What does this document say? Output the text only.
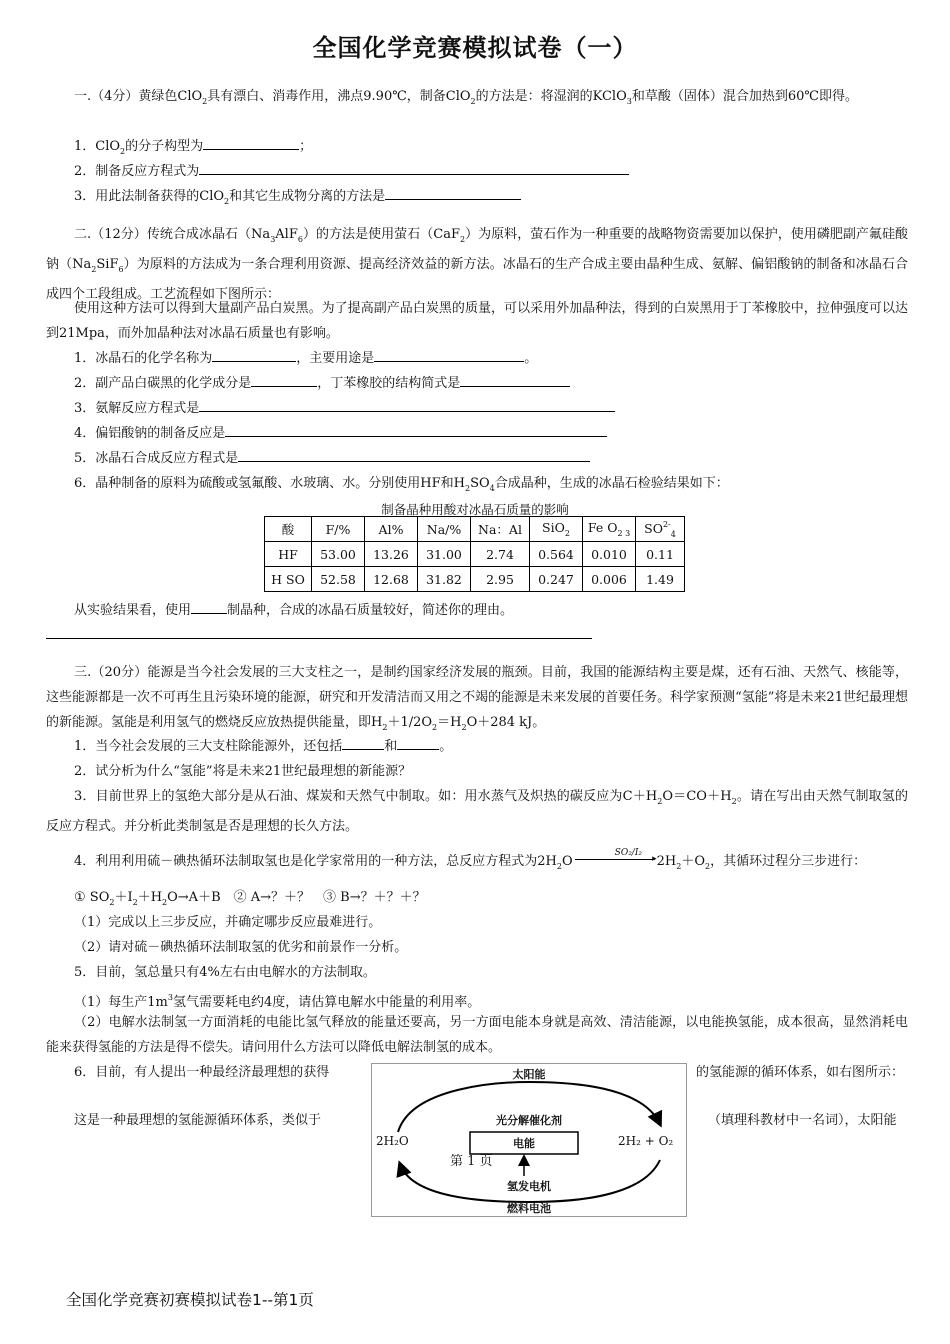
全国化学竞赛模拟试卷（一）
一.（4分）黄绿色ClO$_2$具有漂白、消毒作用，沸点9.90℃，制备ClO$_2$的方法是：将湿润的KClO$_3$和草酸（固体）混合加热到60℃即得。
1．ClO$_2$的分子构型为	；
2．制备反应方程式为
3．用此法制备获得的ClO$_2$和其它生成物分离的方法是
二.（12分）传统合成冰晶石$(Na_3AlF_6)$的方法是使用萤石（CaF$_2$）为原料，萤石作为一种重要的战略物资需要加以保护，使用磷肥副产氟硅酸钠$(Na_2SiF_6)$为原料的方法成为一条合理利用资源、提高经济效益的新方法。冰晶石的生产合成主要由晶种生成、氨解、偏铝酸钠的制备和冰晶石合成四个工段组成。工艺流程如下图所示：
使用这种方法可以得到大量副产品白炭黑。为了提高副产品白炭黑的质量，可以采用外加晶种法，得到的白炭黑用于丁苯橡胶中，拉伸强度可以达到21Mpa，而外加晶种法对冰晶石质量也有影响。
1．冰晶石的化学名称为	，主要用途是	。
2．副产品白碳黑的化学成分是	，丁苯橡胶的结构简式是
3．氨解反应方程式是
4．偏铝酸钠的制备反应是
5．冰晶石合成反应方程式是
6．晶种制备的原料为硫酸或氢氟酸、水玻璃、水。分别使用HF和$H_2SO_4$合成晶种，生成的冰晶石检验结果如下：
制备晶种用酸对冰晶石质量的影响
酸	F/%	Al%	Na/%	Na：Al	SiO$_2$	Fe $O_{2 3}$	$SO^{2-}_4$
HF	53.00	13.26	31.00	2.74	0.564	0.010	0.11
H SO	52.58	12.68	31.82	2.95	0.247	0.006	1.49
从实验结果看，使用	制晶种，合成的冰晶石质量较好，简述你的理由。
三.（20分）能源是当今社会发展的三大支柱之一，是制约国家经济发展的瓶颈。目前，我国的能源结构主要是煤，还有石油、天然气、核能等，这些能源都是一次不可再生且污染环境的能源，研究和开发清洁而又用之不竭的能源是未来发展的首要任务。科学家预测“氢能”将是未来21世纪最理想的新能源。氢能是利用氢气的燃烧反应放热提供能量，即$H_2+1/2O_2=H_2O+284$ kJ。
1．当今社会发展的三大支柱除能源外，还包括	和	。
2．试分析为什么“氢能”将是未来21世纪最理想的新能源？
3．目前世界上的氢绝大部分是从石油、煤炭和天然气中制取。如：用水蒸气及炽热的碳反应为$C+H_2O=CO+H_2$。请在写出由天然气制取氢的反应方程式。并分析此类制氢是否是理想的长久方法。
4．利用利用硫－碘热循环法制取氢也是化学家常用的一种方法，总反应方程式为$2H_2O$
SO₂/I₂
▸ $2H_2+O_2$，其循环过程分三步进行：
① $SO_2+I_2+H_2O\to A+B$　② A→？＋？　③ B→？＋？＋？
（1）完成以上三步反应，并确定哪步反应最难进行。
（2）请对硫－碘热循环法制取氢的优劣和前景作一分析。
5．目前，氢总量只有4%左右由电解水的方法制取。
（1）每生产$1m^3$氢气需要耗电约4度，请估算电解水中能量的利用率。
（2）电解水法制氢一方面消耗的电能比氢气释放的能量还要高，另一方面电能本身就是高效、清洁能源，以电能换氢能，成本很高，显然消耗电能来获得氢能的方法是得不偿失。请问用什么方法可以降低电解法制氢的成本。
6．目前，有人提出一种最经济最理想的获得	的氢能源的循环体系，如右图所示：
这是一种最理想的氢能源循环体系，类似于	（填理科教材中一名词），太阳能
太阳能
光分解催化剂
2H₂O	电能	2H₂ + O₂
氢发电机
燃料电池
第 1 页
全国化学竞赛初赛模拟试卷1--第1页
